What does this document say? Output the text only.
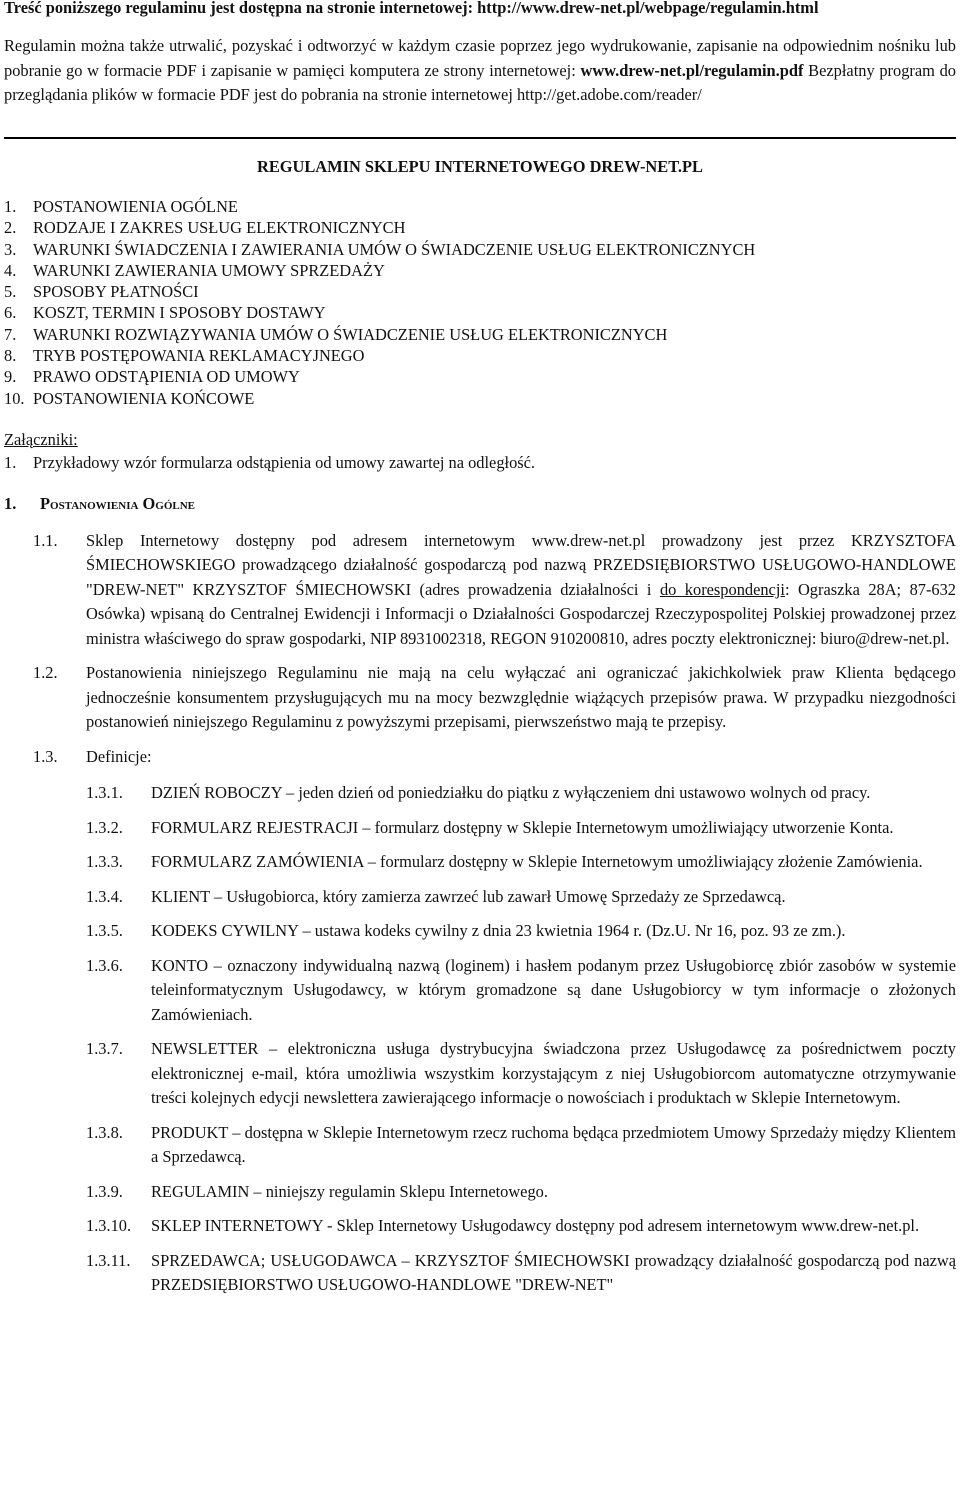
Treść poniższego regulaminu jest dostępna na stronie internetowej: http://www.drew-net.pl/webpage/regulamin.html

Regulamin można także utrwalić, pozyskać i odtworzyć w każdym czasie poprzez jego wydrukowanie, zapisanie na odpowiednim nośniku lub pobranie go w formacie PDF i zapisanie w pamięci komputera ze strony internetowej: www.drew-net.pl/regulamin.pdf Bezpłatny program do przeglądania plików w formacie PDF jest do pobrania na stronie internetowej http://get.adobe.com/reader/

REGULAMIN SKLEPU INTERNETOWEGO DREW-NET.PL
1. POSTANOWIENIA OGÓLNE
2. RODZAJE I ZAKRES USŁUG ELEKTRONICZNYCH
3. WARUNKI ŚWIADCZENIA I ZAWIERANIA UMÓW O ŚWIADCZENIE USŁUG ELEKTRONICZNYCH
4. WARUNKI ZAWIERANIA UMOWY SPRZEDAŻY
5. SPOSOBY PŁATNOŚCI
6. KOSZT, TERMIN I SPOSOBY DOSTAWY
7. WARUNKI ROZWIĄZYWANIA UMÓW O ŚWIADCZENIE USŁUG ELEKTRONICZNYCH
8. TRYB POSTĘPOWANIA REKLAMACYJNEGO
9. PRAWO ODSTĄPIENIA OD UMOWY
10. POSTANOWIENIA KOŃCOWE
Załączniki:
1. Przykładowy wzór formularza odstąpienia od umowy zawartej na odległość.
1. Postanowienia Ogólne
1.1.	Sklep Internetowy dostępny pod adresem internetowym www.drew-net.pl prowadzony jest przez KRZYSZTOFA ŚMIECHOWSKIEGO prowadzącego działalność gospodarczą pod nazwą PRZEDSIĘBIORSTWO USŁUGOWO-HANDLOWE "DREW-NET" KRZYSZTOF ŚMIECHOWSKI (adres prowadzenia działalności i do korespondencji: Ograszka 28A; 87-632 Osówka) wpisaną do Centralnej Ewidencji i Informacji o Działalności Gospodarczej Rzeczypospolitej Polskiej prowadzonej przez ministra właściwego do spraw gospodarki, NIP 8931002318, REGON 910200810, adres poczty elektronicznej: biuro@drew-net.pl.
1.2.	Postanowienia niniejszego Regulaminu nie mają na celu wyłączać ani ograniczać jakichkolwiek praw Klienta będącego jednocześnie konsumentem przysługujących mu na mocy bezwzględnie wiążących przepisów prawa. W przypadku niezgodności postanowień niniejszego Regulaminu z powyższymi przepisami, pierwszeństwo mają te przepisy.
1.3.	Definicje:
1.3.1.	DZIEŃ ROBOCZY – jeden dzień od poniedziałku do piątku z wyłączeniem dni ustawowo wolnych od pracy.
1.3.2.	FORMULARZ REJESTRACJI – formularz dostępny w Sklepie Internetowym umożliwiający utworzenie Konta.
1.3.3.	FORMULARZ ZAMÓWIENIA – formularz dostępny w Sklepie Internetowym umożliwiający złożenie Zamówienia.
1.3.4.	KLIENT – Usługobiorca, który zamierza zawrzeć lub zawarł Umowę Sprzedaży ze Sprzedawcą.
1.3.5.	KODEKS CYWILNY – ustawa kodeks cywilny z dnia 23 kwietnia 1964 r. (Dz.U. Nr 16, poz. 93 ze zm.).
1.3.6.	KONTO – oznaczony indywidualną nazwą (loginem) i hasłem podanym przez Usługobiorcę zbiór zasobów w systemie teleinformatycznym Usługodawcy, w którym gromadzone są dane Usługobiorcy w tym informacje o złożonych Zamówieniach.
1.3.7.	NEWSLETTER – elektroniczna usługa dystrybucyjna świadczona przez Usługodawcę za pośrednictwem poczty elektronicznej e-mail, która umożliwia wszystkim korzystającym z niej Usługobiorcom automatyczne otrzymywanie treści kolejnych edycji newslettera zawierającego informacje o nowościach i produktach w Sklepie Internetowym.
1.3.8.	PRODUKT – dostępna w Sklepie Internetowym rzecz ruchoma będąca przedmiotem Umowy Sprzedaży między Klientem a Sprzedawcą.
1.3.9.	REGULAMIN – niniejszy regulamin Sklepu Internetowego.
1.3.10.	SKLEP INTERNETOWY - Sklep Internetowy Usługodawcy dostępny pod adresem internetowym www.drew-net.pl.
1.3.11.	SPRZEDAWCA; USŁUGODAWCA – KRZYSZTOF ŚMIECHOWSKI prowadzący działalność gospodarczą pod nazwą PRZEDSIĘBIORSTWO USŁUGOWO-HANDLOWE "DREW-NET"
